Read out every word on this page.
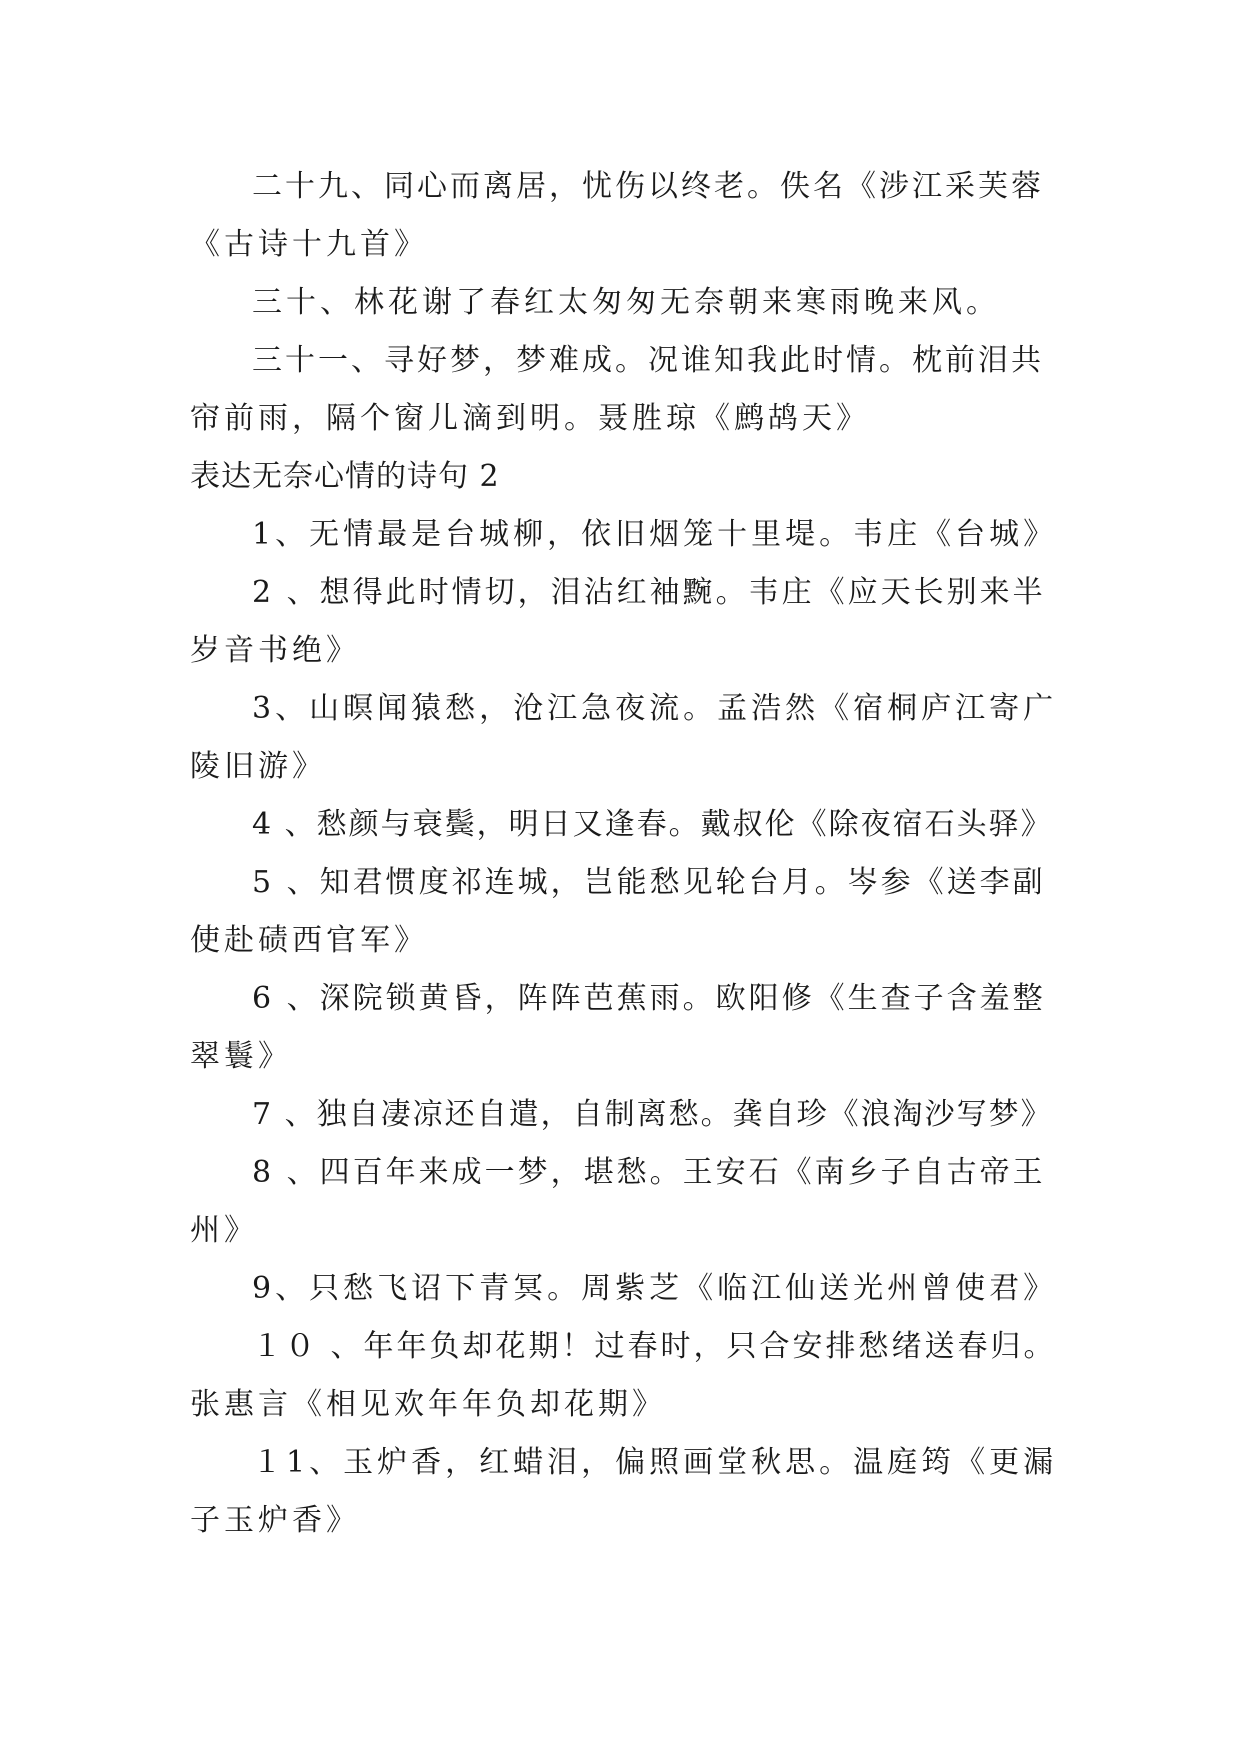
二十九、同心而离居，忧伤以终老。佚名《涉江采芙蓉
《古诗十九首》
三十、林花谢了春红太匆匆无奈朝来寒雨晚来风。
三十一、寻好梦，梦难成。况谁知我此时情。枕前泪共
帘前雨，隔个窗儿滴到明。聂胜琼《鹧鸪天》
表达无奈心情的诗句 2
1、无情最是台城柳，依旧烟笼十里堤。韦庄《台城》
2 、想得此时情切，泪沾红袖黦。韦庄《应天长别来半
岁音书绝》
3、山暝闻猿愁，沧江急夜流。孟浩然《宿桐庐江寄广
陵旧游》
4 、愁颜与衰鬓，明日又逢春。戴叔伦《除夜宿石头驿》
5 、知君惯度祁连城，岂能愁见轮台月。岑参《送李副
使赴碛西官军》
6 、深院锁黄昏，阵阵芭蕉雨。欧阳修《生查子含羞整
翠鬟》
7 、独自凄凉还自遣，自制离愁。龚自珍《浪淘沙写梦》
8 、四百年来成一梦，堪愁。王安石《南乡子自古帝王
州》
9、只愁飞诏下青冥。周紫芝《临江仙送光州曾使君》
１０ 、年年负却花期！过春时，只合安排愁绪送春归。
张惠言《相见欢年年负却花期》
１1、玉炉香，红蜡泪，偏照画堂秋思。温庭筠《更漏
子玉炉香》
